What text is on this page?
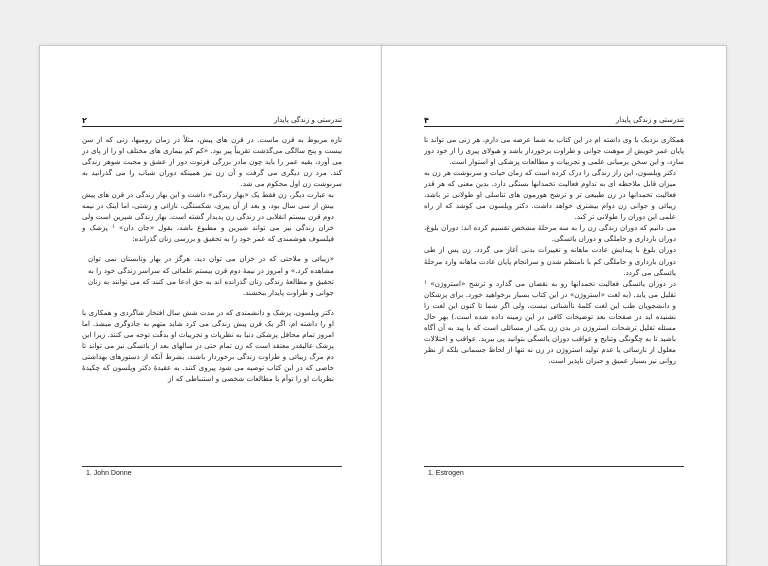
تندرستی و زندگی پایدار
۲

تازه مربوط به قرن ماست. در قرن های پیش، مثلاً در زمان رومیها، زنی که از سن بیست و پنج سالگی می‌گذشت تقریباً پیر بود. «کم کم بیماری های مختلف او را از پای در می آورد، بقیه عمر را باید چون مادر بزرگی فرتوت دور از عشق و محبت شوهر زندگی کند. مرد زن دیگری می گرفت و آن زن نیز همینکه دوران شباب را می گذرانید به سرنوشت زن اول محکوم می شد.

به عبارت دیگر، زن فقط یک «بهار زندگی» داشت و این بهار زندگی در قرن های پیش بیش از سی سال بود، و بعد از آن پیری، شکستگی، نازائی و زشتی، اما اینک در نیمه دوم قرن بیستم انقلابی در زندگی زن پدیدار گشته است. بهار زندگی شیرین است ولی خزان زندگی نیز می تواند شیرین و مطبوع باشد، بقول «جان دان» ¹ پزشک و فیلسوف هوشمندی که عمر خود را به تحقیق و بررسی زنان گذرانده:

«زیبائی و ملاحتی که در خزان می توان دید، هرگز در بهار وتابستان نمی توان مشاهده کرد.» و امروز در نیمهٔ دوم قرن بیستم علمائی که سراسر زندگی خود را به تحقیق و مطالعهٔ زندگی زنان گذرانده اند به حق ادعا می کنند که می توانند به زنان جوانی و طراوت پایدار ببخشند.

دکتر ویلسون، پزشک و دانشمندی که در مدت شش سال افتخار شاگردی و همکاری با او را داشته ام، اگر یک قرن پیش زندگی می کرد شاید متهم به جادوگری میشد. اما امروز تمام محافل پزشکی دنیا به نظریات و تجربیات او بدقّت توجه می کنند. زیرا این پزشک عالیقدر معتقد است که زن تمام حتی در سالهای بعد از یائسگی نیز می تواند تا دم مرگ زیبائی و طراوت زندگی برخوردار باشند، بشرط آنکه از دستورهای بهداشتی خاصی که در این کتاب توصیه می شود پیروی کنند. به عقیدهٔ دکتر ویلسون که چکیدهٔ نظریات او را توأم با مطالعات شخصی و استنباطی که از

1. John Donne
تندرستی و زندگی پایدار
۴

همکاری نزدیک با وی داشته ام در این کتاب به شما عرضه می دارم، هر زنی می تواند تا پایان عمر خویش از موهبت جوانی و طراوت برخوردار باشد و هیولای پیری را از خود دور سازد، و این سخن برمبانی علمی و تجربیات و مطالعات پزشکی او استوار است.

دکتر ویلسون، این راز زندگی را درک کرده است که زمان حیات و سرنوشت هر زن به میزان قابل ملاحظه ای به تداوم فعالیت تخمدانها بستگی دارد. بدین معنی که هر قدر فعالیت تخمدانها در زن طبیعی تر و ترشح هورمون های تناسلی او طولانی تر باشد، زیبائی و جوانی زن دوام بیشتری خواهد داشت. دکتر ویلسون می کوشد که از راه علمی این دوران را طولانی تر کند.

می دانیم که دوران زندگی زن را به سه مرحلهٔ مشخص تقسیم کرده اند: دوران بلوغ، دوران بارداری و حاملگی و دوران یائسگی.

دوران بلوغ با پیدایش عادت ماهانه و تغییرات بدنی آغاز می گردد. زن پس از طی دوران بارداری و حاملگی کم با نامنظم شدن و سرانجام پایان عادت ماهانه وارد مرحلهٔ یائسگی می گردد.

در دوران یائسگی فعالیت تخمدانها رو به نقصان می گذارد و ترشح «استروژن» ¹ تقلیل می یابد. (به لغت «استروژن» در این کتاب بسیار برخواهید خورد. برای پزشکان و دانشجویان طب این لغت کلمهٔ ناآشنائی نیست، ولی اگر شما تا کنون این لغت را نشنیده اید در صفحات بعد توضیحات کافی در این زمینه داده شده است.) بهر حال مسئله تقلیل ترشحات استروژن در بدن زن یکی از مسائلی است که با پید به آن آگاه باشید تا به چگونگی وتنایج و عواقب دوران یائسگی بتوانید پی ببرید. عواقب و اختلالات معلول از نارسائی یا عدم تولید استروژن در زن نه تنها از لحاظ جسمانی بلکه از نظر روانی نیز بسیار عمیق و جبران ناپذیر است.

1. Estrogen
